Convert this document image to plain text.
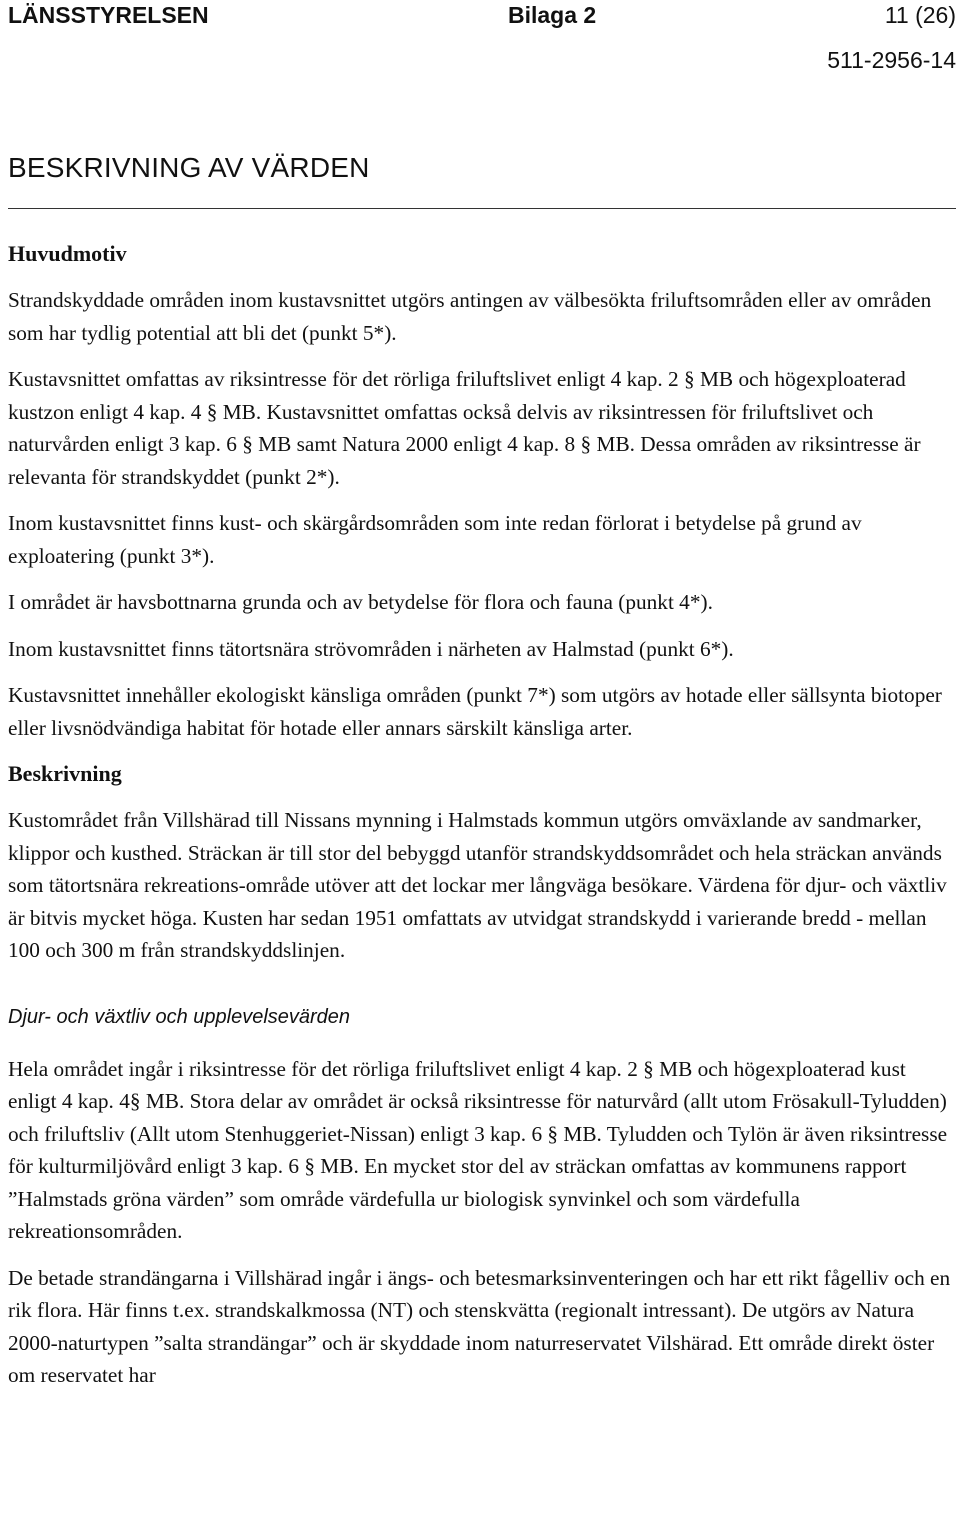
LÄNSSTYRELSEN	Bilaga 2	11 (26)
511-2956-14
BESKRIVNING AV VÄRDEN
Huvudmotiv

Strandskyddade områden inom kustavsnittet utgörs antingen av välbesökta friluftsområden eller av områden som har tydlig potential att bli det (punkt 5*).

Kustavsnittet omfattas av riksintresse för det rörliga friluftslivet enligt 4 kap. 2 § MB och högexploaterad kustzon enligt 4 kap. 4 § MB. Kustavsnittet omfattas också delvis av riksintressen för friluftslivet och naturvården enligt 3 kap. 6 § MB samt Natura 2000 enligt 4 kap. 8 § MB. Dessa områden av riksintresse är relevanta för strandskyddet (punkt 2*).

Inom kustavsnittet finns kust- och skärgårdsområden som inte redan förlorat i betydelse på grund av exploatering (punkt 3*).

I området är havsbottnarna grunda och av betydelse för flora och fauna (punkt 4*).

Inom kustavsnittet finns tätortsnära strövområden i närheten av Halmstad (punkt 6*).

Kustavsnittet innehåller ekologiskt känsliga områden (punkt 7*) som utgörs av hotade eller sällsynta biotoper eller livsnödvändiga habitat för hotade eller annars särskilt känsliga arter.

Beskrivning

Kustområdet från Villshärad till Nissans mynning i Halmstads kommun utgörs omväxlande av sandmarker, klippor och kusthed. Sträckan är till stor del bebyggd utanför strandskyddsområdet och hela sträckan används som tätortsnära rekreations-område utöver att det lockar mer långväga besökare. Värdena för djur- och växtliv är bitvis mycket höga. Kusten har sedan 1951 omfattats av utvidgat strandskydd i varierande bredd - mellan 100 och 300 m från strandskyddslinjen.

Djur- och växtliv och upplevelsevärden

Hela området ingår i riksintresse för det rörliga friluftslivet enligt 4 kap. 2 § MB och högexploaterad kust enligt 4 kap. 4§ MB. Stora delar av området är också riksintresse för naturvård (allt utom Frösakull-Tyludden) och friluftsliv (Allt utom Stenhuggeriet-Nissan) enligt 3 kap. 6 § MB. Tyludden och Tylön är även riksintresse för kulturmiljövård enligt 3 kap. 6 § MB. En mycket stor del av sträckan omfattas av kommunens rapport ”Halmstads gröna värden” som område värdefulla ur biologisk synvinkel och som värdefulla rekreationsområden.

De betade strandängarna i Villshärad ingår i ängs- och betesmarksinventeringen och har ett rikt fågelliv och en rik flora. Här finns t.ex. strandskalkmossa (NT) och stenskvätta (regionalt intressant). De utgörs av Natura 2000-naturtypen ”salta strandängar” och är skyddade inom naturreservatet Vilshärad. Ett område direkt öster om reservatet har
